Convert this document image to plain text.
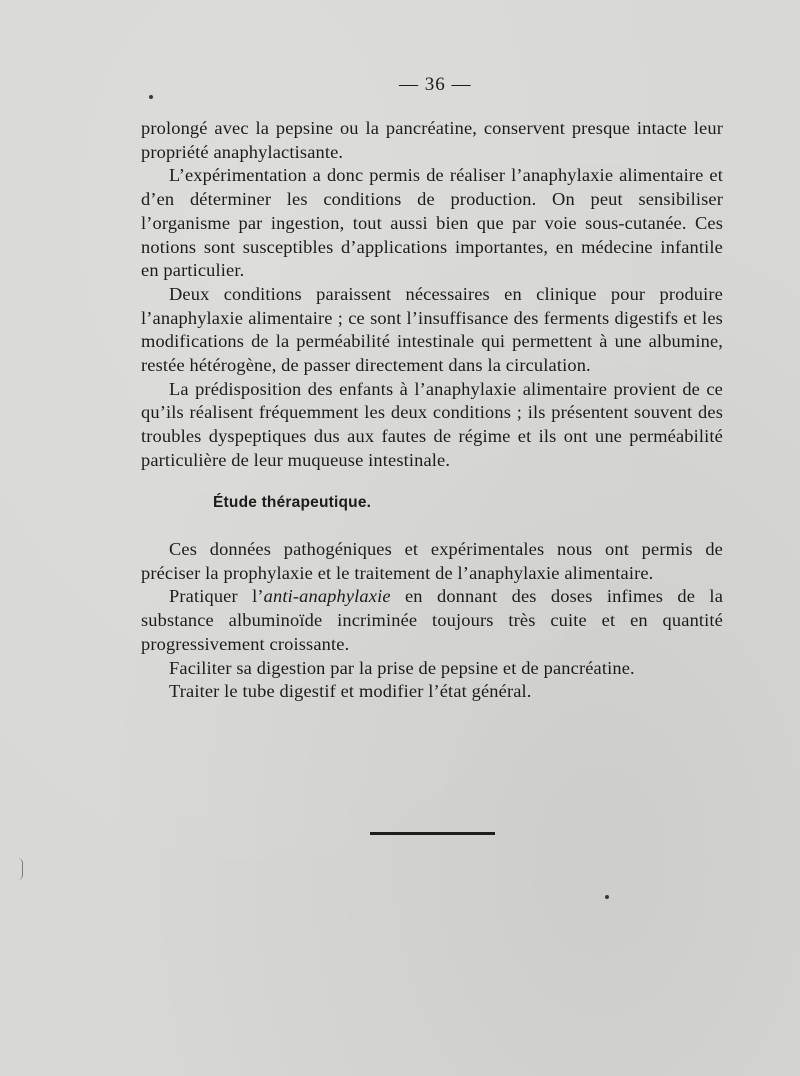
— 36 —

prolongé avec la pepsine ou la pancréatine, conservent presque intacte leur propriété anaphylactisante.

L’expérimentation a donc permis de réaliser l’anaphylaxie alimentaire et d’en déterminer les conditions de production. On peut sensibiliser l’organisme par ingestion, tout aussi bien que par voie sous-cutanée. Ces notions sont susceptibles d’applications importantes, en médecine infantile en particulier.

Deux conditions paraissent nécessaires en clinique pour produire l’anaphylaxie alimentaire ; ce sont l’insuffisance des ferments digestifs et les modifications de la perméabilité intestinale qui permettent à une albumine, restée hétérogène, de passer directement dans la circulation.

La prédisposition des enfants à l’anaphylaxie alimentaire provient de ce qu’ils réalisent fréquemment les deux conditions ; ils présentent souvent des troubles dyspeptiques dus aux fautes de régime et ils ont une perméabilité particulière de leur muqueuse intestinale.

Étude thérapeutique.

Ces données pathogéniques et expérimentales nous ont permis de préciser la prophylaxie et le traitement de l’anaphylaxie alimentaire.

Pratiquer l’anti-anaphylaxie en donnant des doses infimes de la substance albuminoïde incriminée toujours très cuite et en quantité progressivement croissante.

Faciliter sa digestion par la prise de pepsine et de pancréatine.

Traiter le tube digestif et modifier l’état général.
